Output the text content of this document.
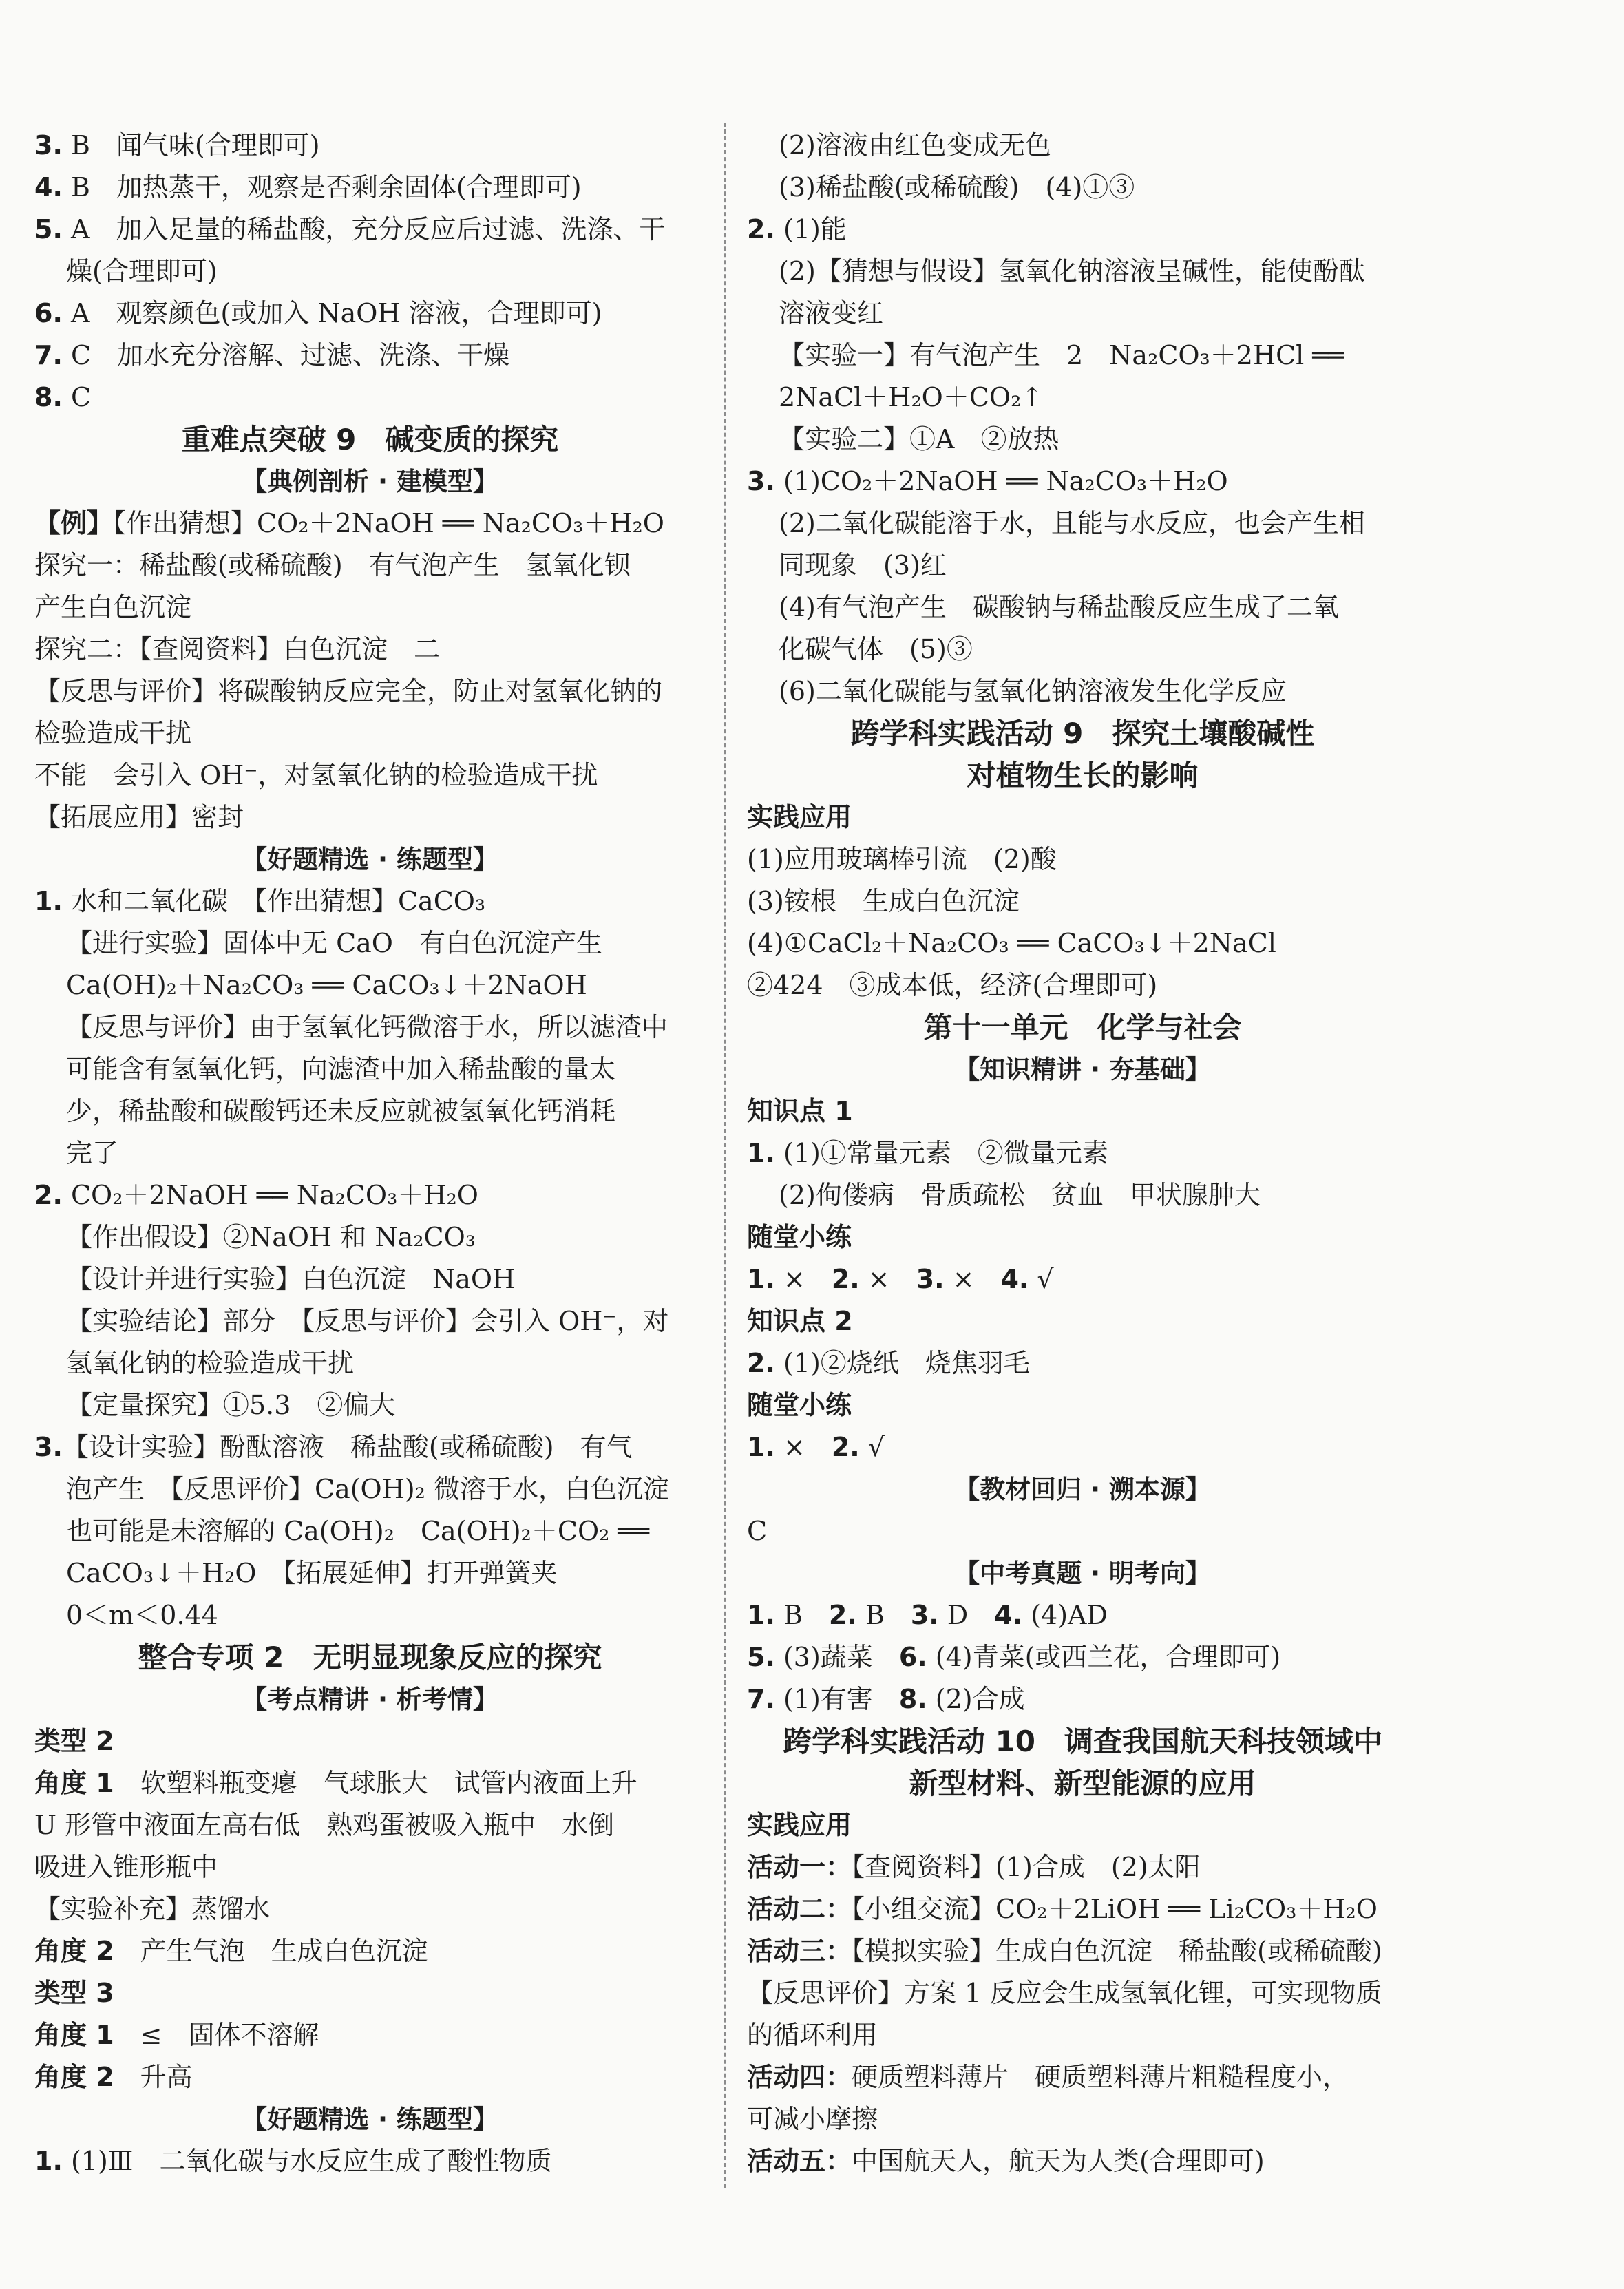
3. B　闻气味(合理即可)
4. B　加热蒸干，观察是否剩余固体(合理即可)
5. A　加入足量的稀盐酸，充分反应后过滤、洗涤、干
燥(合理即可)
6. A　观察颜色(或加入 NaOH 溶液，合理即可)
7. C　加水充分溶解、过滤、洗涤、干燥
8. C
重难点突破 9　碱变质的探究
【典例剖析 · 建模型】
【例】【作出猜想】CO₂＋2NaOH ══ Na₂CO₃＋H₂O
探究一：稀盐酸(或稀硫酸)　有气泡产生　氢氧化钡
产生白色沉淀
探究二：【查阅资料】白色沉淀　二
【反思与评价】将碳酸钠反应完全，防止对氢氧化钠的
检验造成干扰
不能　会引入 OH⁻，对氢氧化钠的检验造成干扰
【拓展应用】密封
【好题精选 · 练题型】
1. 水和二氧化碳　【作出猜想】CaCO₃
【进行实验】固体中无 CaO　有白色沉淀产生
Ca(OH)₂＋Na₂CO₃ ══ CaCO₃↓＋2NaOH
【反思与评价】由于氢氧化钙微溶于水，所以滤渣中
可能含有氢氧化钙，向滤渣中加入稀盐酸的量太
少，稀盐酸和碳酸钙还未反应就被氢氧化钙消耗
完了
2. CO₂＋2NaOH ══ Na₂CO₃＋H₂O
【作出假设】②NaOH 和 Na₂CO₃
【设计并进行实验】白色沉淀　NaOH
【实验结论】部分　【反思与评价】会引入 OH⁻，对
氢氧化钠的检验造成干扰
【定量探究】①5.3　②偏大
3.【设计实验】酚酞溶液　稀盐酸(或稀硫酸)　有气
泡产生　【反思评价】Ca(OH)₂ 微溶于水，白色沉淀
也可能是未溶解的 Ca(OH)₂　Ca(OH)₂＋CO₂ ══
CaCO₃↓＋H₂O　【拓展延伸】打开弹簧夹
0＜m＜0.44
整合专项 2　无明显现象反应的探究
【考点精讲 · 析考情】
类型 2
角度 1　软塑料瓶变瘪　气球胀大　试管内液面上升
U 形管中液面左高右低　熟鸡蛋被吸入瓶中　水倒
吸进入锥形瓶中
【实验补充】蒸馏水
角度 2　产生气泡　生成白色沉淀
类型 3
角度 1　≤　固体不溶解
角度 2　升高
【好题精选 · 练题型】
1. (1)Ⅲ　二氧化碳与水反应生成了酸性物质
(2)溶液由红色变成无色
(3)稀盐酸(或稀硫酸)　(4)①③
2. (1)能
(2)【猜想与假设】氢氧化钠溶液呈碱性，能使酚酞
溶液变红
【实验一】有气泡产生　2　Na₂CO₃＋2HCl ══
2NaCl＋H₂O＋CO₂↑
【实验二】①A　②放热
3. (1)CO₂＋2NaOH ══ Na₂CO₃＋H₂O
(2)二氧化碳能溶于水，且能与水反应，也会产生相
同现象　(3)红
(4)有气泡产生　碳酸钠与稀盐酸反应生成了二氧
化碳气体　(5)③
(6)二氧化碳能与氢氧化钠溶液发生化学反应
跨学科实践活动 9　探究土壤酸碱性
对植物生长的影响
实践应用
(1)应用玻璃棒引流　(2)酸
(3)铵根　生成白色沉淀
(4)①CaCl₂＋Na₂CO₃ ══ CaCO₃↓＋2NaCl
②424　③成本低，经济(合理即可)
第十一单元　化学与社会
【知识精讲 · 夯基础】
知识点 1
1. (1)①常量元素　②微量元素
(2)佝偻病　骨质疏松　贫血　甲状腺肿大
随堂小练
1. ×　2. ×　3. ×　4. √
知识点 2
2. (1)②烧纸　烧焦羽毛
随堂小练
1. ×　2. √
【教材回归 · 溯本源】
C
【中考真题 · 明考向】
1. B　2. B　3. D　4. (4)AD
5. (3)蔬菜　6. (4)青菜(或西兰花，合理即可)
7. (1)有害　8. (2)合成
跨学科实践活动 10　调查我国航天科技领域中
新型材料、新型能源的应用
实践应用
活动一：【查阅资料】(1)合成　(2)太阳
活动二：【小组交流】CO₂＋2LiOH ══ Li₂CO₃＋H₂O
活动三：【模拟实验】生成白色沉淀　稀盐酸(或稀硫酸)
【反思评价】方案 1 反应会生成氢氧化锂，可实现物质
的循环利用
活动四：硬质塑料薄片　硬质塑料薄片粗糙程度小，
可减小摩擦
活动五：中国航天人，航天为人类(合理即可)
